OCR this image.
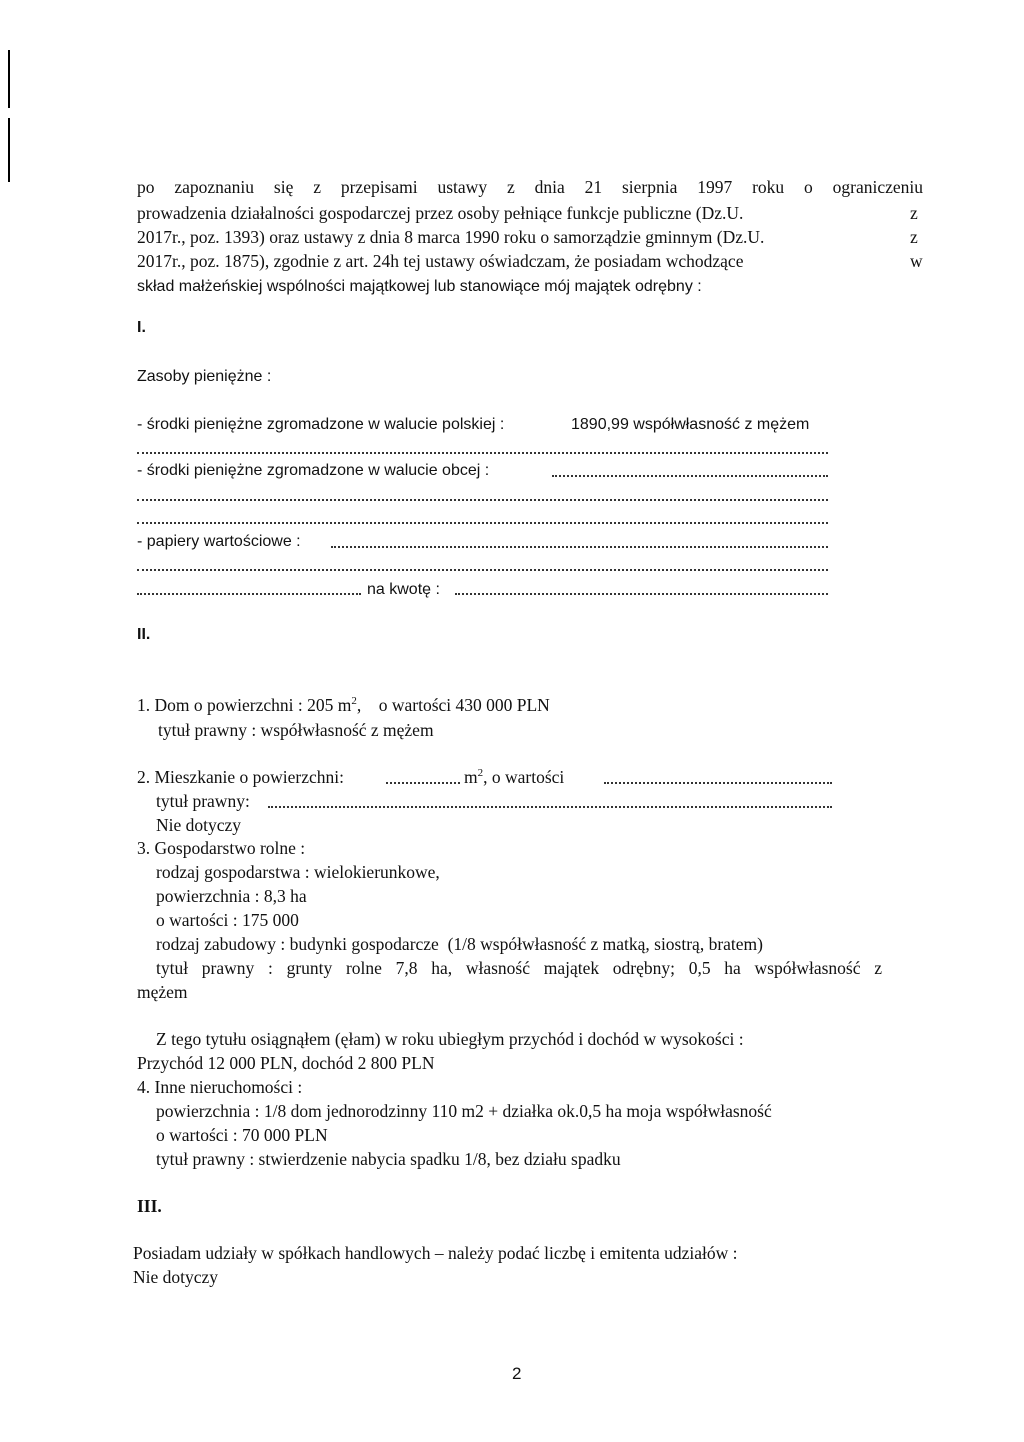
po zapoznaniu się z przepisami ustawy z dnia 21 sierpnia 1997 roku o ograniczeniu
prowadzenia działalności gospodarczej przez osoby pełniące funkcje publiczne (Dz.U.	z
2017r., poz. 1393) oraz ustawy z dnia 8 marca 1990 roku o samorządzie gminnym (Dz.U.	z
2017r., poz. 1875), zgodnie z art. 24h tej ustawy oświadczam, że posiadam wchodzące	w
skład małżeńskiej wspólności majątkowej lub stanowiące mój majątek odrębny :
I.
Zasoby pieniężne :
- środki pieniężne zgromadzone w walucie polskiej :	1890,99 współwłasność z mężem
- środki pieniężne zgromadzone w walucie obcej :
- papiery wartościowe :
na kwotę :
II.
1. Dom o powierzchni : 205 $m^2$,    o wartości 430 000 PLN
tytuł prawny : współwłasność z mężem
2. Mieszkanie o powierzchni:	$m^2$, o wartości
tytuł prawny:
Nie dotyczy
3. Gospodarstwo rolne :
rodzaj gospodarstwa : wielokierunkowe,
powierzchnia : 8,3 ha
o wartości : 175 000
rodzaj zabudowy : budynki gospodarcze  (1/8 współwłasność z matką, siostrą, bratem)
tytuł prawny : grunty rolne 7,8 ha, własność majątek odrębny; 0,5 ha współwłasność z
mężem
Z tego tytułu osiągnąłem (ęłam) w roku ubiegłym przychód i dochód w wysokości :
Przychód 12 000 PLN, dochód 2 800 PLN
4. Inne nieruchomości :
powierzchnia : 1/8 dom jednorodzinny 110 m2 + działka ok.0,5 ha moja współwłasność
o wartości : 70 000 PLN
tytuł prawny : stwierdzenie nabycia spadku 1/8, bez działu spadku
III.
Posiadam udziały w spółkach handlowych – należy podać liczbę i emitenta udziałów :
Nie dotyczy
2
